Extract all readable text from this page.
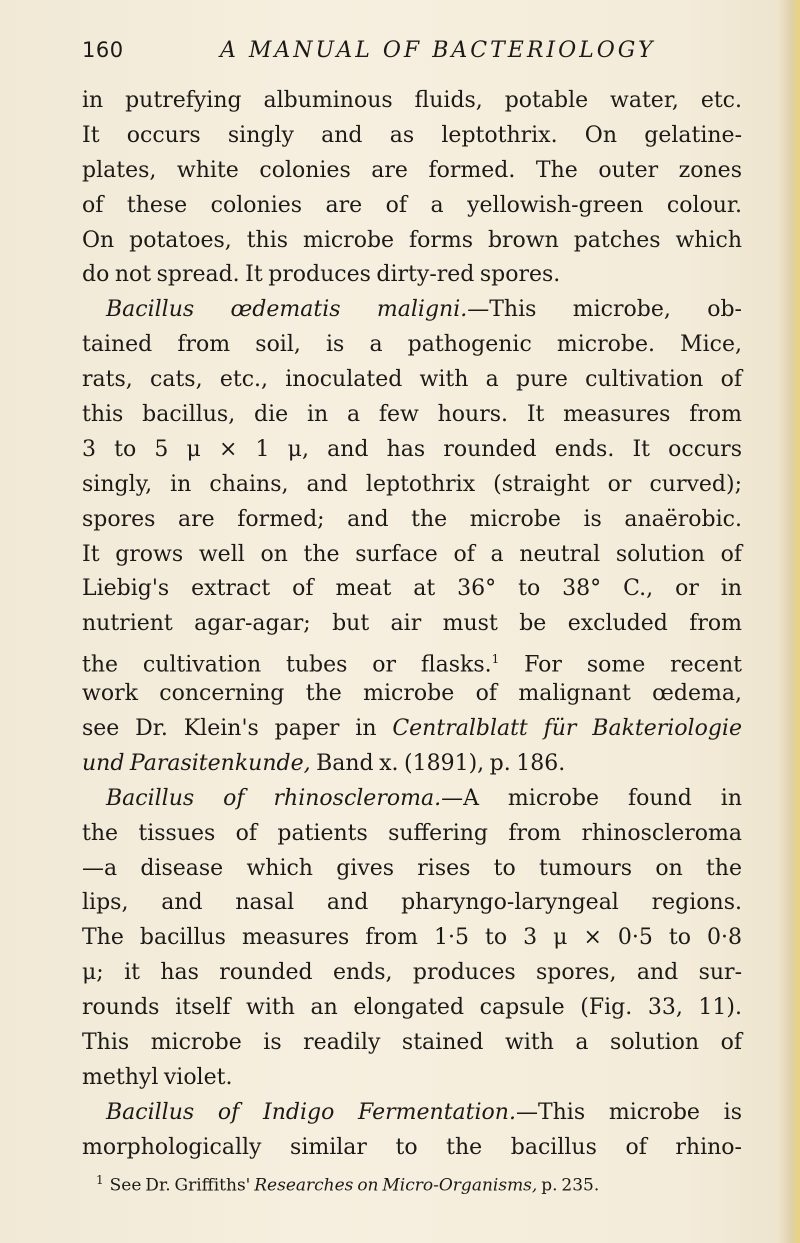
160	A MANUAL OF BACTERIOLOGY
in putrefying albuminous fluids, potable water, etc.
It occurs singly and as leptothrix. On gelatine-
plates, white colonies are formed. The outer zones
of these colonies are of a yellowish-green colour.
On potatoes, this microbe forms brown patches which
do not spread. It produces dirty-red spores.
Bacillus œdematis maligni.—This microbe, ob-
tained from soil, is a pathogenic microbe. Mice,
rats, cats, etc., inoculated with a pure cultivation of
this bacillus, die in a few hours. It measures from
3 to 5 μ × 1 μ, and has rounded ends. It occurs
singly, in chains, and leptothrix (straight or curved);
spores are formed; and the microbe is anaërobic.
It grows well on the surface of a neutral solution of
Liebig's extract of meat at 36° to 38° C., or in
nutrient agar-agar; but air must be excluded from
the cultivation tubes or flasks.$^1$ For some recent
work concerning the microbe of malignant œdema,
see Dr. Klein's paper in Centralblatt für Bakteriologie
und Parasitenkunde, Band x. (1891), p. 186.
Bacillus of rhinoscleroma.—A microbe found in
the tissues of patients suffering from rhinoscleroma
—a disease which gives rises to tumours on the
lips, and nasal and pharyngo-laryngeal regions.
The bacillus measures from 1·5 to 3 μ × 0·5 to 0·8
μ; it has rounded ends, produces spores, and sur-
rounds itself with an elongated capsule (Fig. 33, 11).
This microbe is readily stained with a solution of
methyl violet.
Bacillus of Indigo Fermentation.—This microbe is
morphologically similar to the bacillus of rhino-
$^1$ See Dr. Griffiths' Researches on Micro-Organisms, p. 235.
